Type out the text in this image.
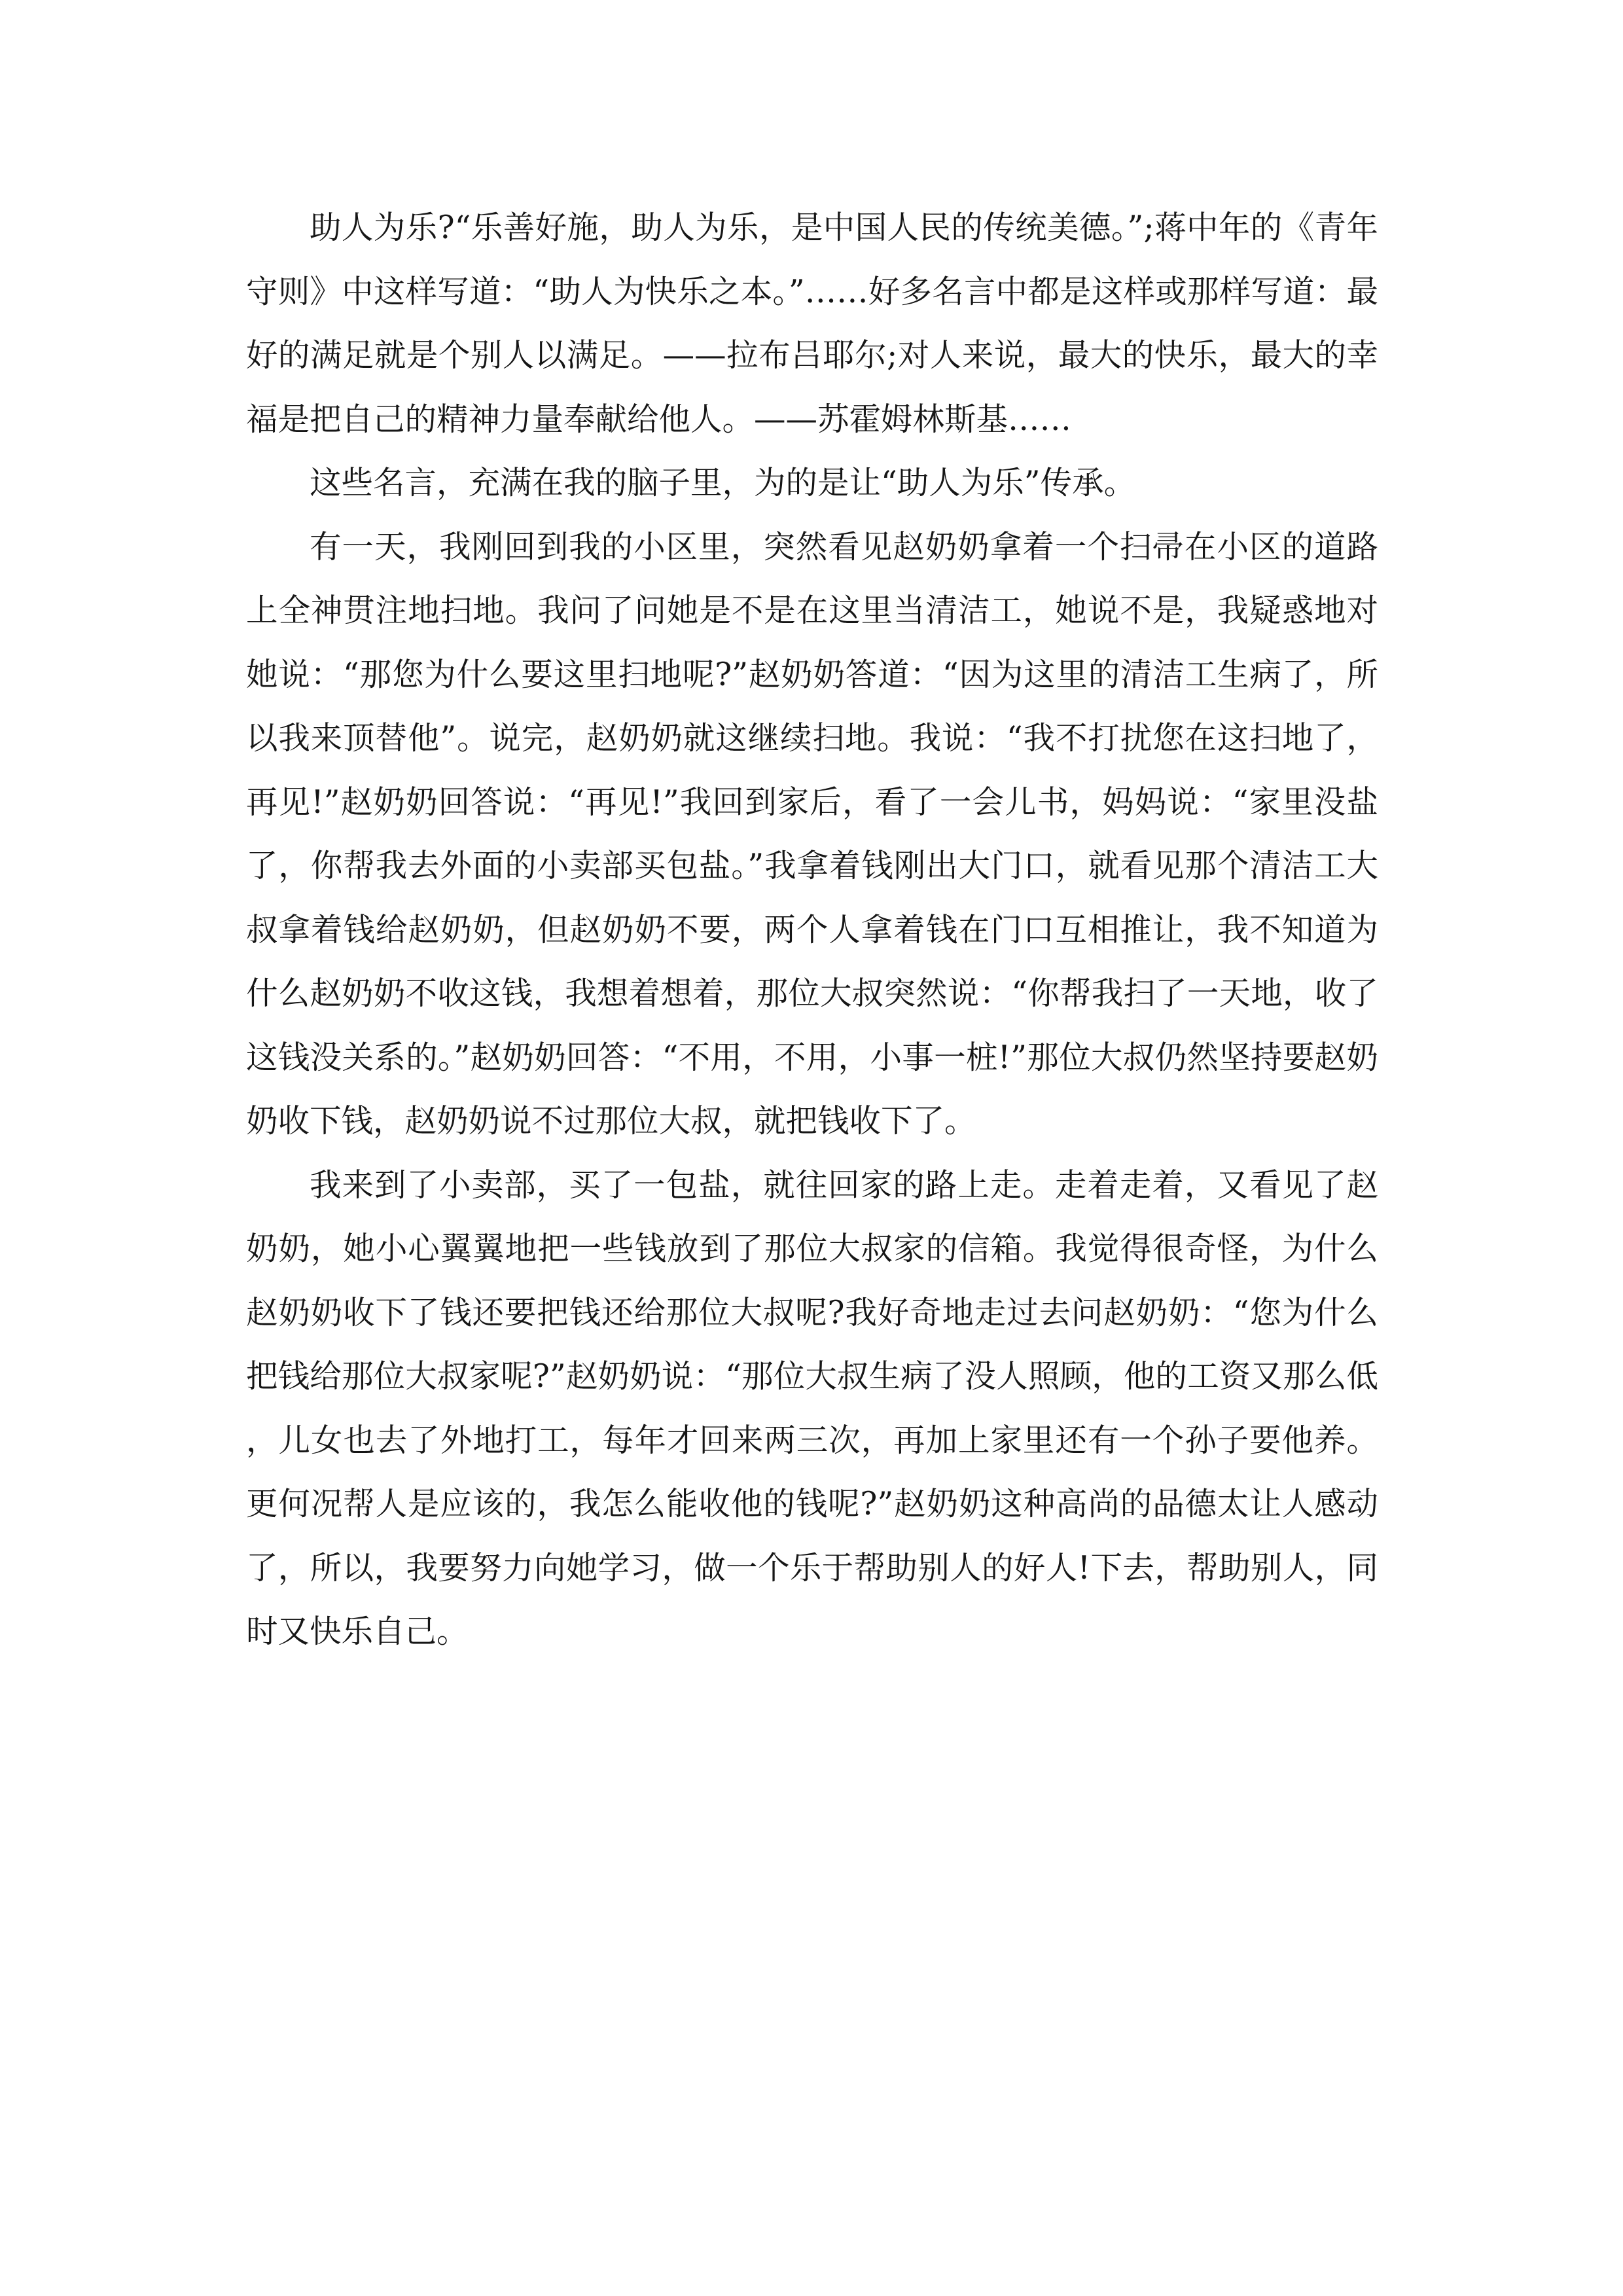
助人为乐?“乐善好施，助人为乐，是中国人民的传统美德。”;蒋中年的《青年守则》中这样写道：“助人为快乐之本。”……好多名言中都是这样或那样写道：最好的满足就是个别人以满足。——拉布吕耶尔;对人来说，最大的快乐，最大的幸福是把自己的精神力量奉献给他人。——苏霍姆林斯基……

这些名言，充满在我的脑子里，为的是让“助人为乐”传承。

有一天，我刚回到我的小区里，突然看见赵奶奶拿着一个扫帚在小区的道路上全神贯注地扫地。我问了问她是不是在这里当清洁工，她说不是，我疑惑地对她说：“那您为什么要这里扫地呢?”赵奶奶答道：“因为这里的清洁工生病了，所以我来顶替他”。说完，赵奶奶就这继续扫地。我说：“我不打扰您在这扫地了，再见!”赵奶奶回答说：“再见!”我回到家后，看了一会儿书，妈妈说：“家里没盐了，你帮我去外面的小卖部买包盐。”我拿着钱刚出大门口，就看见那个清洁工大叔拿着钱给赵奶奶，但赵奶奶不要，两个人拿着钱在门口互相推让，我不知道为什么赵奶奶不收这钱，我想着想着，那位大叔突然说：“你帮我扫了一天地，收了这钱没关系的。”赵奶奶回答：“不用，不用，小事一桩!”那位大叔仍然坚持要赵奶奶收下钱，赵奶奶说不过那位大叔，就把钱收下了。

我来到了小卖部，买了一包盐，就往回家的路上走。走着走着，又看见了赵奶奶，她小心翼翼地把一些钱放到了那位大叔家的信箱。我觉得很奇怪，为什么赵奶奶收下了钱还要把钱还给那位大叔呢?我好奇地走过去问赵奶奶：“您为什么把钱给那位大叔家呢?”赵奶奶说：“那位大叔生病了没人照顾，他的工资又那么低，儿女也去了外地打工，每年才回来两三次，再加上家里还有一个孙子要他养。更何况帮人是应该的，我怎么能收他的钱呢?”赵奶奶这种高尚的品德太让人感动了，所以，我要努力向她学习，做一个乐于帮助别人的好人!下去，帮助别人，同时又快乐自己。
